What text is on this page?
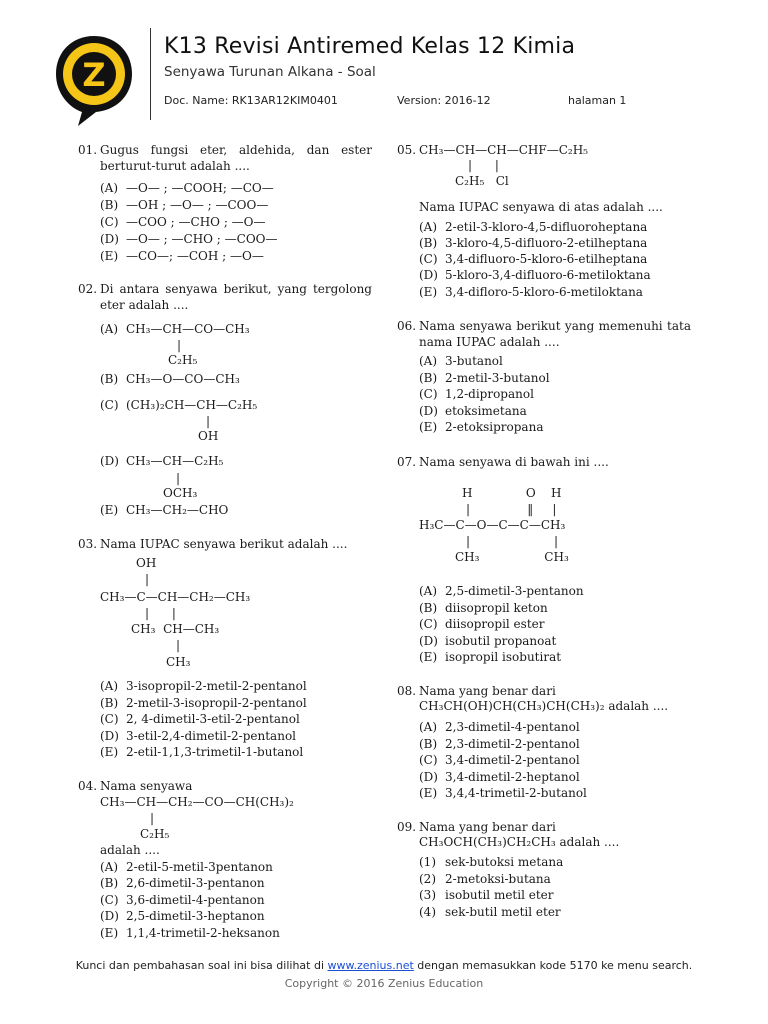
Z
K13 Revisi Antiremed Kelas 12 Kimia
Senyawa Turunan Alkana - Soal
Doc. Name: RK13AR12KIM0401	Version: 2016-12	halaman 1
01. Gugus fungsi eter, aldehida, dan ester berturut-turut adalah ....
(A) —O— ; —COOH; —CO—
(B) —OH ; —O— ; —COO—
(C) —COO ; —CHO ; —O—
(D) —O— ; —CHO ; —COO—
(E) —CO—; —COH ; —O—
02. Di antara senyawa berikut, yang tergolong eter adalah ....
(A) CH₃—CH—CO—CH₃
|
C₂H₅
(B) CH₃—O—CO—CH₃
(C) (CH₃)₂CH—CH—C₂H₅
|
OH
(D) CH₃—CH—C₂H₅
|
OCH₃
(E) CH₃—CH₂—CHO
03. Nama IUPAC senyawa berikut adalah ....
OH
|
CH₃—C—CH—CH₂—CH₃
|      |
CH₃  CH—CH₃
|
CH₃
(A) 3-isopropil-2-metil-2-pentanol
(B) 2-metil-3-isopropil-2-pentanol
(C) 2, 4-dimetil-3-etil-2-pentanol
(D) 3-etil-2,4-dimetil-2-pentanol
(E) 2-etil-1,1,3-trimetil-1-butanol
04. Nama senyawa
CH₃—CH—CH₂—CO—CH(CH₃)₂
|
C₂H₅
adalah ....
(A) 2-etil-5-metil-3pentanon
(B) 2,6-dimetil-3-pentanon
(C) 3,6-dimetil-4-pentanon
(D) 2,5-dimetil-3-heptanon
(E) 1,1,4-trimetil-2-heksanon
05. CH₃—CH—CH—CHF—C₂H₅
|      |
C₂H₅   Cl
Nama IUPAC senyawa di atas adalah ....
(A) 2-etil-3-kloro-4,5-difluoroheptana
(B) 3-kloro-4,5-difluoro-2-etilheptana
(C) 3,4-difluoro-5-kloro-6-etilheptana
(D) 5-kloro-3,4-difluoro-6-metiloktana
(E) 3,4-difloro-5-kloro-6-metiloktana
06. Nama senyawa berikut yang memenuhi tata nama IUPAC adalah ....
(A) 3-butanol
(B) 2-metil-3-butanol
(C) 1,2-dipropanol
(D) etoksimetana
(E) 2-etoksipropana
07. Nama senyawa di bawah ini ....
H              O    H
|               ‖     |
H₃C—C—O—C—C—CH₃
|                      |
CH₃                 CH₃
(A) 2,5-dimetil-3-pentanon
(B) diisopropil keton
(C) diisopropil ester
(D) isobutil propanoat
(E) isopropil isobutirat
08. Nama yang benar dari
CH₃CH(OH)CH(CH₃)CH(CH₃)₂ adalah ....
(A) 2,3-dimetil-4-pentanol
(B) 2,3-dimetil-2-pentanol
(C) 3,4-dimetil-2-pentanol
(D) 3,4-dimetil-2-heptanol
(E) 3,4,4-trimetil-2-butanol
09. Nama yang benar dari
CH₃OCH(CH₃)CH₂CH₃ adalah ....
(1) sek-butoksi metana
(2) 2-metoksi-butana
(3) isobutil metil eter
(4) sek-butil metil eter
Kunci dan pembahasan soal ini bisa dilihat di www.zenius.net dengan memasukkan kode 5170 ke menu search.
Copyright © 2016 Zenius Education
